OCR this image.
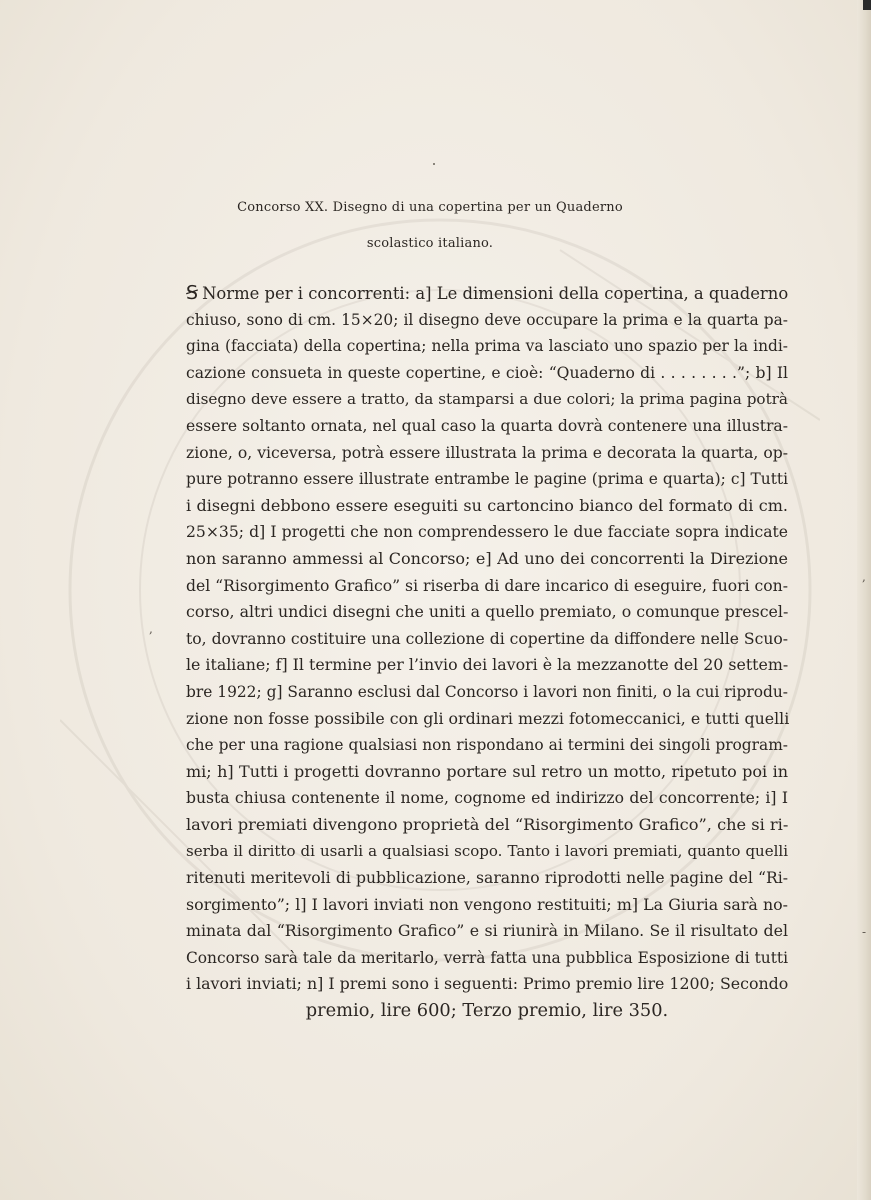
,
,
-
Concorso XX. Disegno di una copertina per un Quaderno
scolastico italiano.
Ꞩ Norme per i concorrenti: a] Le dimensioni della copertina, a quaderno
chiuso, sono di cm. 15×20; il disegno deve occupare la prima e la quarta pa-
gina (facciata) della copertina; nella prima va lasciato uno spazio per la indi-
cazione consueta in queste copertine, e cioè: “Quaderno di . . . . . . . .”; b] Il
disegno deve essere a tratto, da stamparsi a due colori; la prima pagina potrà
essere soltanto ornata, nel qual caso la quarta dovrà contenere una illustra-
zione, o, viceversa, potrà essere illustrata la prima e decorata la quarta, op-
pure potranno essere illustrate entrambe le pagine (prima e quarta); c] Tutti
i disegni debbono essere eseguiti su cartoncino bianco del formato di cm.
25×35; d] I progetti che non comprendessero le due facciate sopra indicate
non saranno ammessi al Concorso; e] Ad uno dei concorrenti la Direzione
del “Risorgimento Grafico” si riserba di dare incarico di eseguire, fuori con-
corso, altri undici disegni che uniti a quello premiato, o comunque prescel-
to, dovranno costituire una collezione di copertine da diffondere nelle Scuo-
le italiane; f] Il termine per l’invio dei lavori è la mezzanotte del 20 settem-
bre 1922; g] Saranno esclusi dal Concorso i lavori non finiti, o la cui riprodu-
zione non fosse possibile con gli ordinari mezzi fotomeccanici, e tutti quelli
che per una ragione qualsiasi non rispondano ai termini dei singoli program-
mi; h] Tutti i progetti dovranno portare sul retro un motto, ripetuto poi in
busta chiusa contenente il nome, cognome ed indirizzo del concorrente; i] I
lavori premiati divengono proprietà del “Risorgimento Grafico”, che si ri-
serba il diritto di usarli a qualsiasi scopo. Tanto i lavori premiati, quanto quelli
ritenuti meritevoli di pubblicazione, saranno riprodotti nelle pagine del “Ri-
sorgimento”; l] I lavori inviati non vengono restituiti; m] La Giuria sarà no-
minata dal “Risorgimento Grafico” e si riunirà in Milano. Se il risultato del
Concorso sarà tale da meritarlo, verrà fatta una pubblica Esposizione di tutti
i lavori inviati; n] I premi sono i seguenti: Primo premio lire 1200; Secondo
premio, lire 600; Terzo premio, lire 350.
